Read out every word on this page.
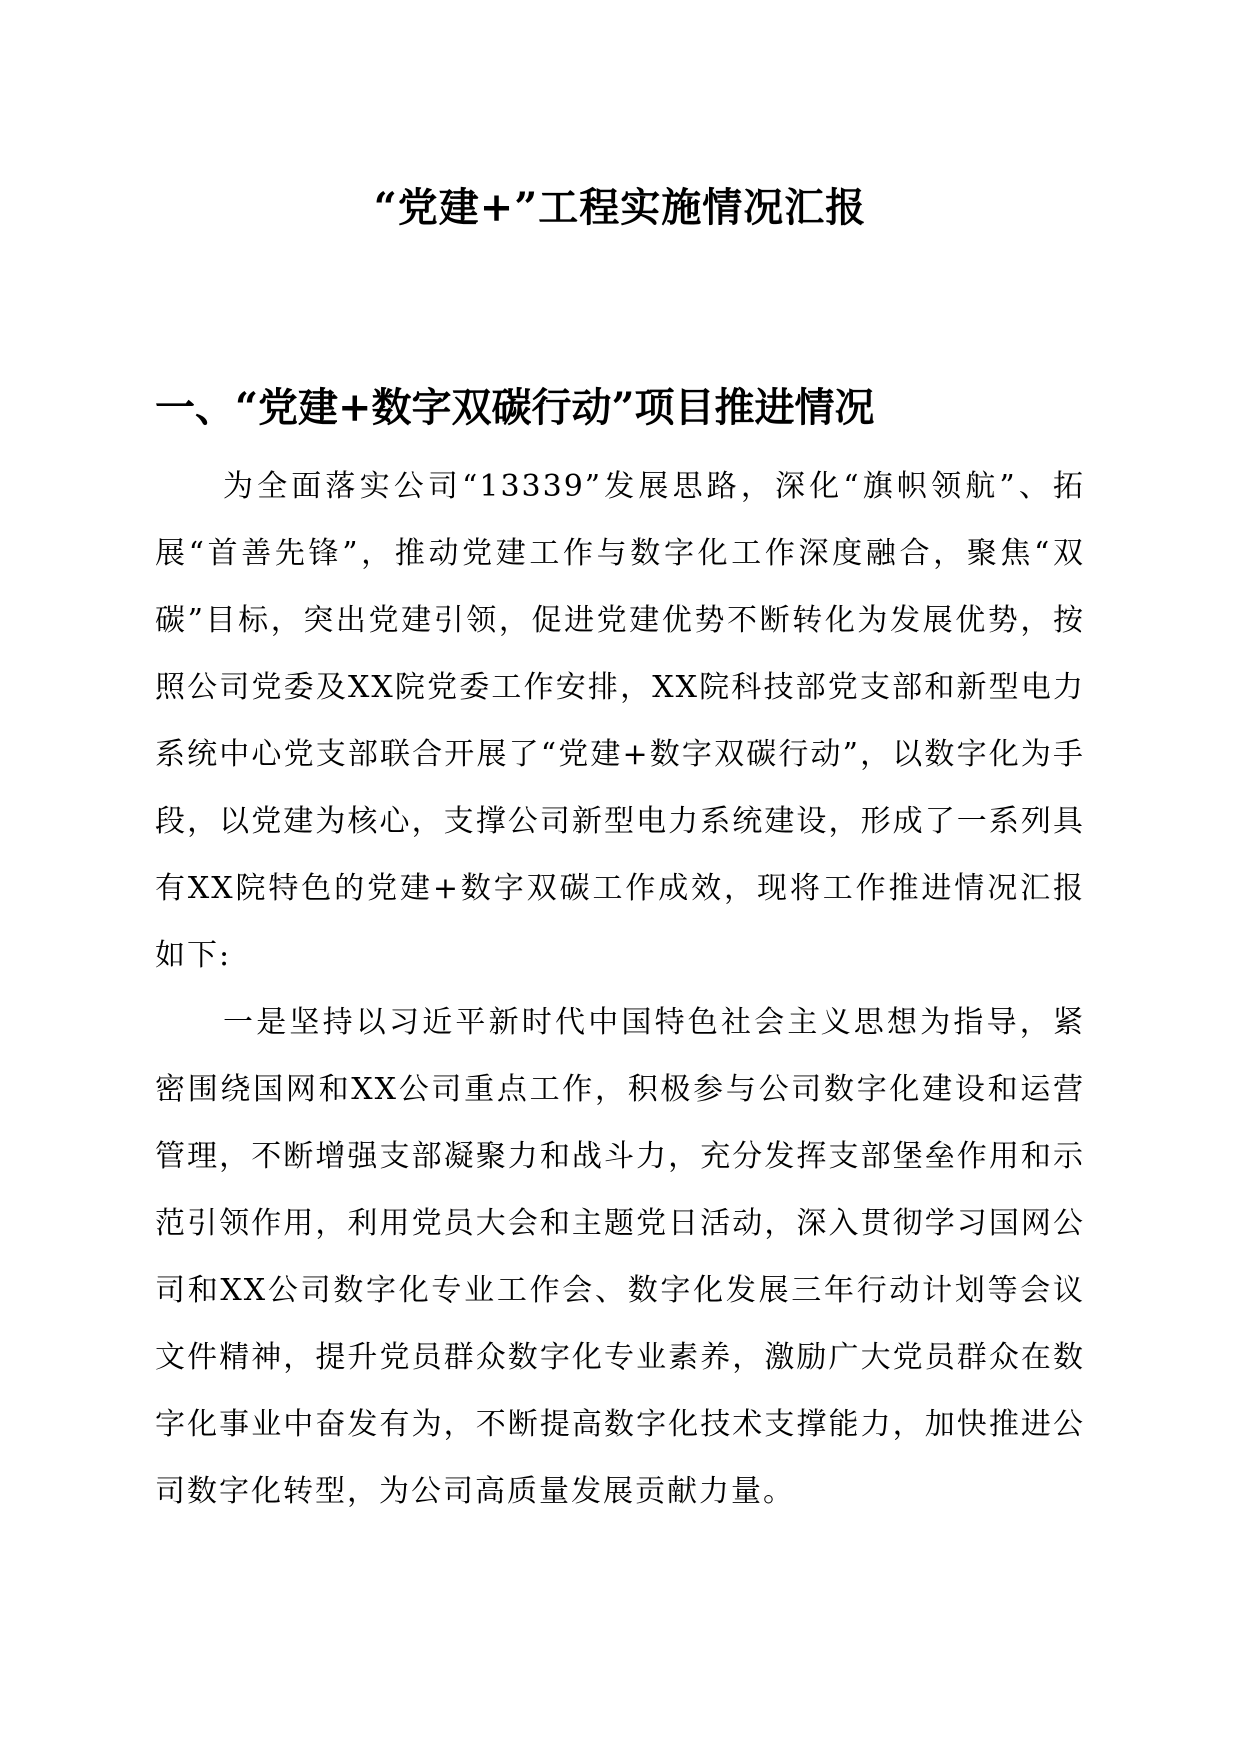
“党建+”工程实施情况汇报
一、“党建+数字双碳行动”项目推进情况

为全面落实公司“13339”发展思路，深化“旗帜领航”、拓展“首善先锋”，推动党建工作与数字化工作深度融合，聚焦“双碳”目标，突出党建引领，促进党建优势不断转化为发展优势，按照公司党委及XX院党委工作安排，XX院科技部党支部和新型电力系统中心党支部联合开展了“党建+数字双碳行动”，以数字化为手段，以党建为核心，支撑公司新型电力系统建设，形成了一系列具有XX院特色的党建+数字双碳工作成效，现将工作推进情况汇报如下:

一是坚持以习近平新时代中国特色社会主义思想为指导，紧密围绕国网和XX公司重点工作，积极参与公司数字化建设和运营管理，不断增强支部凝聚力和战斗力，充分发挥支部堡垒作用和示范引领作用，利用党员大会和主题党日活动，深入贯彻学习国网公司和XX公司数字化专业工作会、数字化发展三年行动计划等会议文件精神，提升党员群众数字化专业素养，激励广大党员群众在数字化事业中奋发有为，不断提高数字化技术支撑能力，加快推进公司数字化转型，为公司高质量发展贡献力量。
